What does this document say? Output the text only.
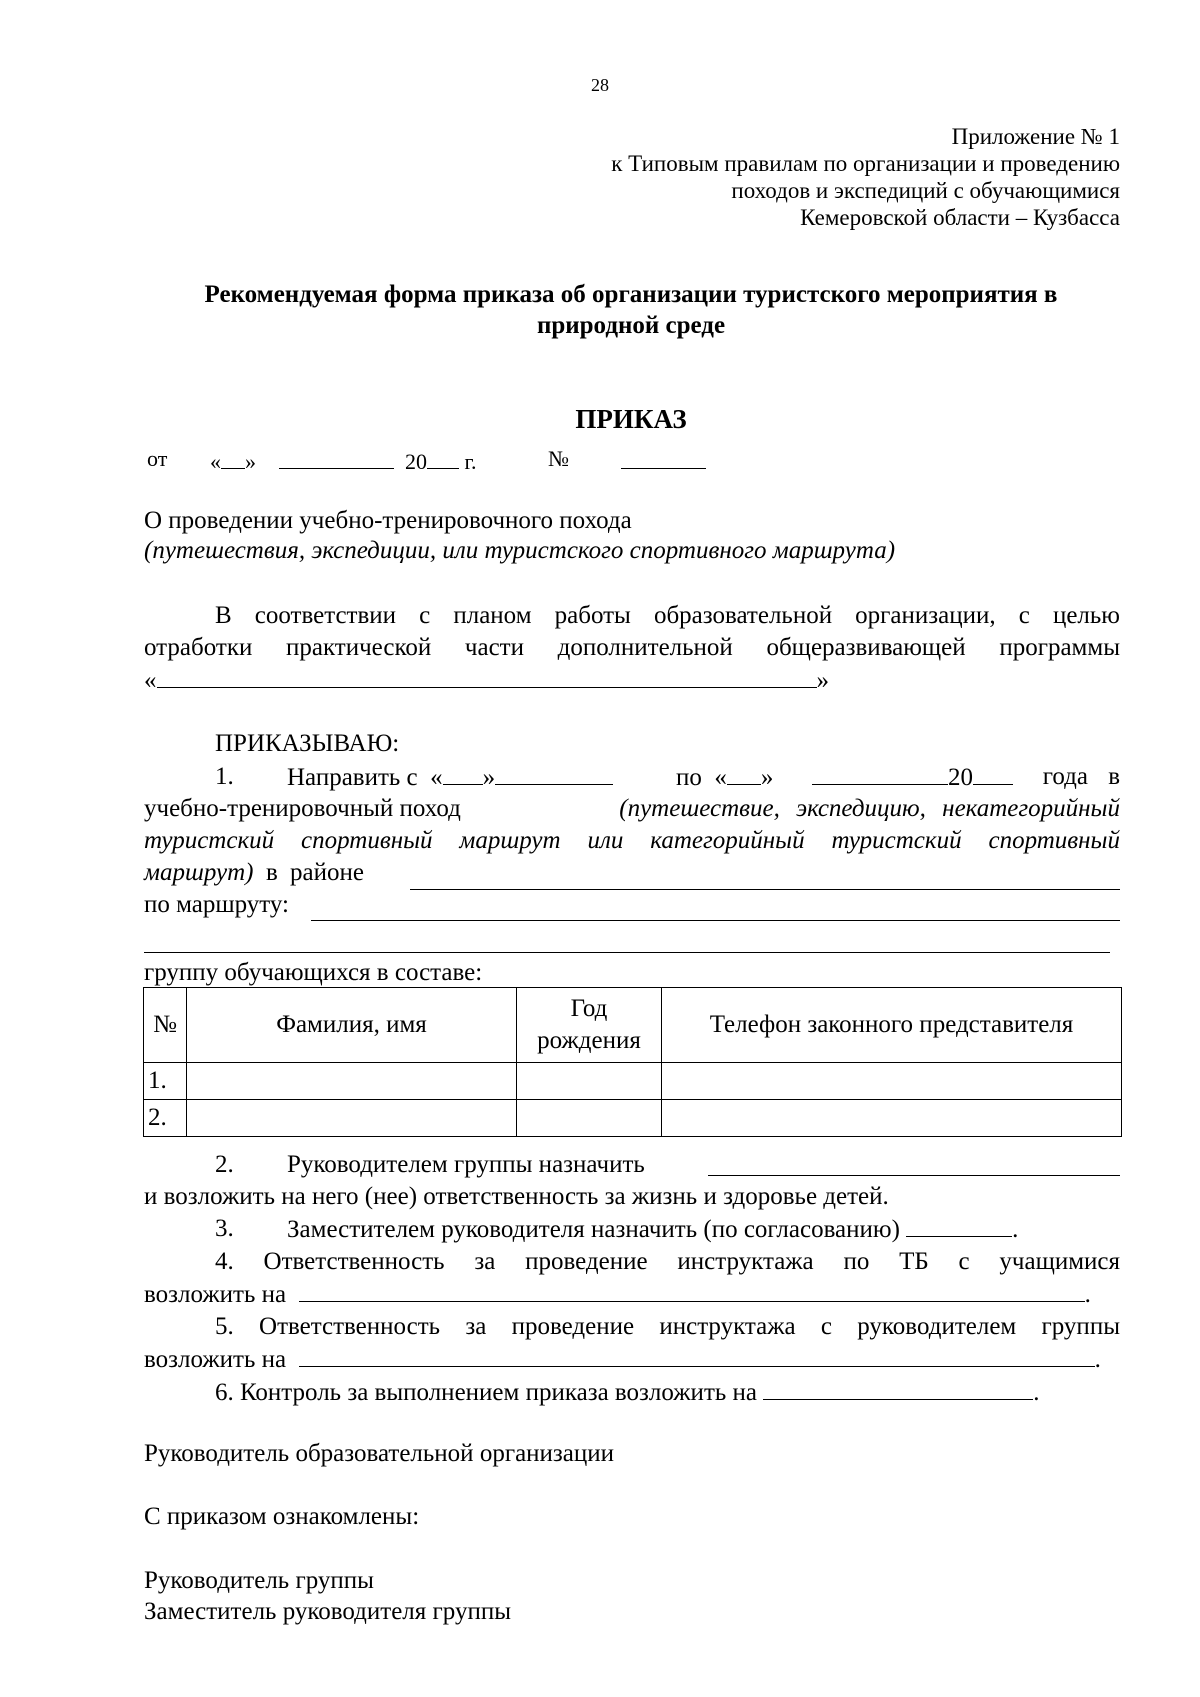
28
Приложение № 1
к Типовым правилам по организации и проведению
походов и экспедиций с обучающимися
Кемеровской области – Кузбасса
Рекомендуемая форма приказа об организации туристского мероприятия в
природной среде
ПРИКАЗ
от « »	20 г.	№
О проведении учебно-тренировочного похода
(путешествия, экспедиции, или туристского спортивного маршрута)
В соответствии с планом работы образовательной организации, с целью
отработки практической части дополнительной общеразвивающей программы
«	»
ПРИКАЗЫВАЮ:
1. Направить с  « »	по  « »	20	года в
учебно-тренировочный поход	(путешествие, экспедицию, некатегорийный
туристский спортивный маршрут или категорийный туристский спортивный
маршрут) в районе
по маршруту:
группу обучающихся в составе:
№	Фамилия, имя	Год рождения	Телефон законного представителя
1.			
2.			
2. Руководителем группы назначить
и возложить на него (нее) ответственность за жизнь и здоровье детей.
3. Заместителем руководителя назначить (по согласованию)	.
4. Ответственность за проведение инструктажа по ТБ с учащимися
возложить на	.
5. Ответственность за проведение инструктажа с руководителем группы
возложить на	.
6. Контроль за выполнением приказа возложить на	.
Руководитель образовательной организации
С приказом ознакомлены:
Руководитель группы
Заместитель руководителя группы
